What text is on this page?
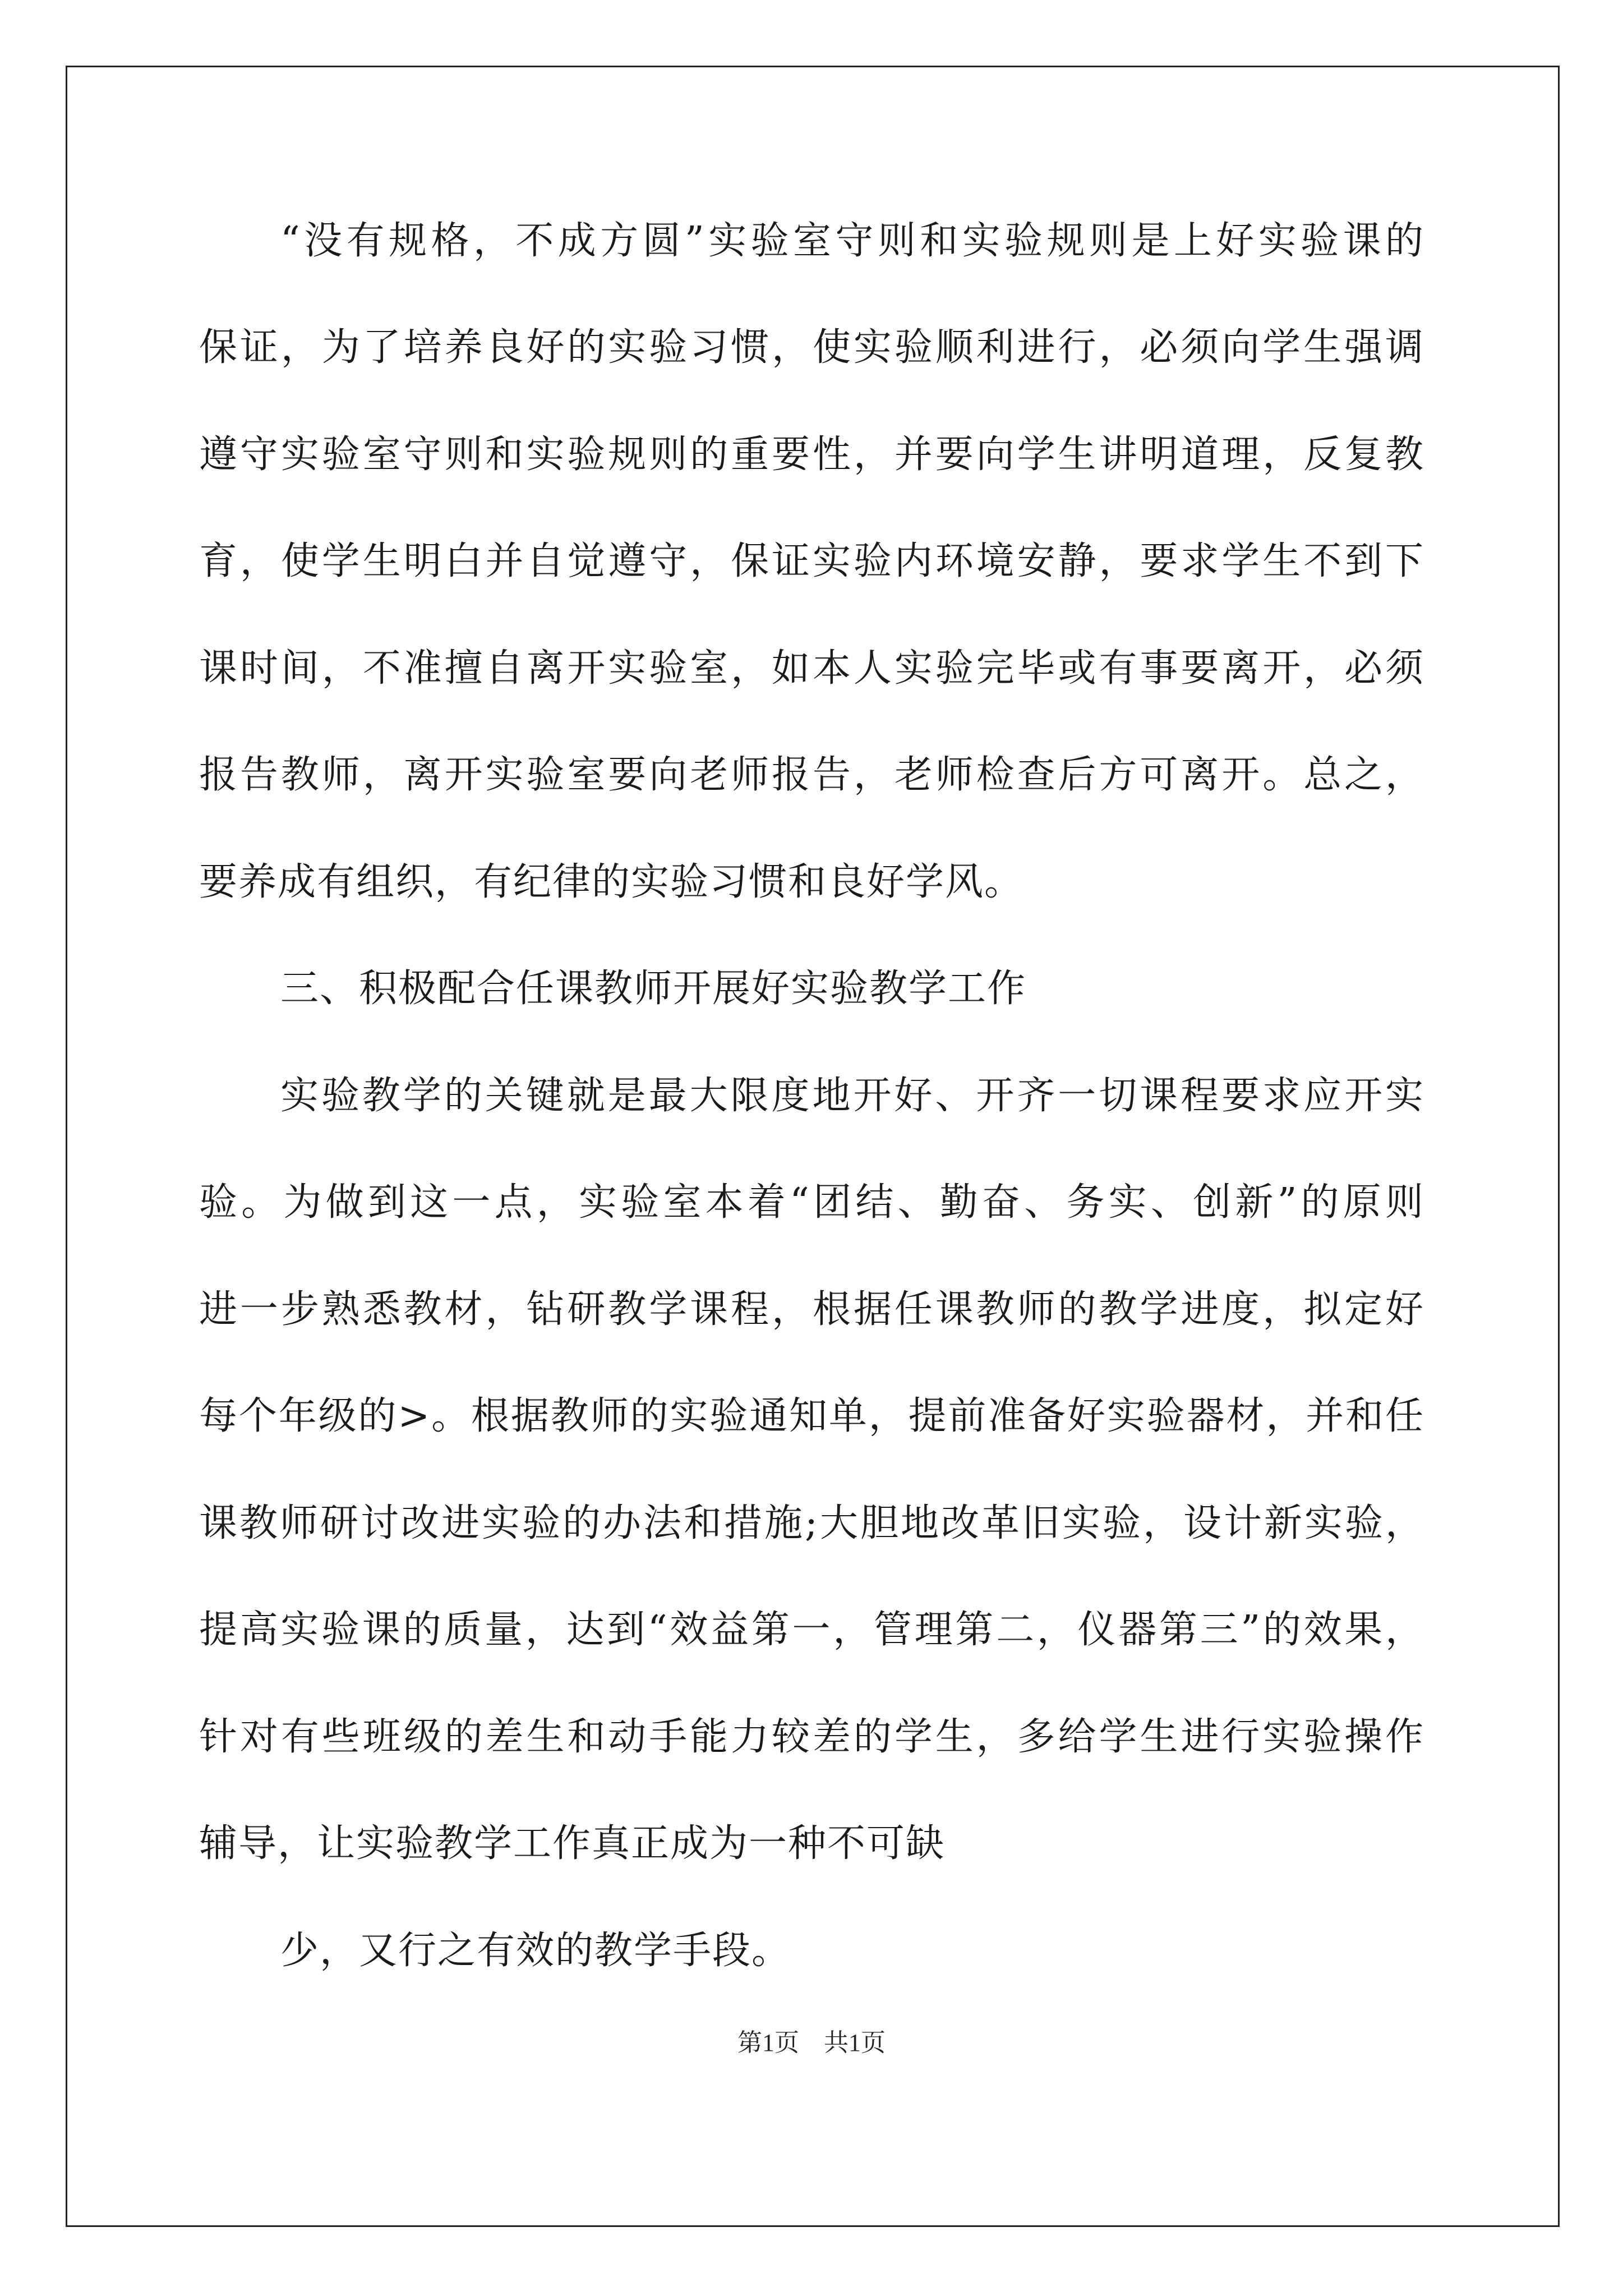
“没有规格，不成方圆”实验室守则和实验规则是上好实验课的
保证，为了培养良好的实验习惯，使实验顺利进行，必须向学生强调
遵守实验室守则和实验规则的重要性，并要向学生讲明道理，反复教
育，使学生明白并自觉遵守，保证实验内环境安静，要求学生不到下
课时间，不准擅自离开实验室，如本人实验完毕或有事要离开，必须
报告教师，离开实验室要向老师报告，老师检查后方可离开。总之，
要养成有组织，有纪律的实验习惯和良好学风。
三、积极配合任课教师开展好实验教学工作
实验教学的关键就是最大限度地开好、开齐一切课程要求应开实
验。为做到这一点，实验室本着“团结、勤奋、务实、创新”的原则
进一步熟悉教材，钻研教学课程，根据任课教师的教学进度，拟定好
每个年级的>。根据教师的实验通知单，提前准备好实验器材，并和任
课教师研讨改进实验的办法和措施;大胆地改革旧实验，设计新实验，
提高实验课的质量，达到“效益第一，管理第二，仪器第三”的效果，
针对有些班级的差生和动手能力较差的学生，多给学生进行实验操作
辅导，让实验教学工作真正成为一种不可缺
少，又行之有效的教学手段。
第1页　共1页
